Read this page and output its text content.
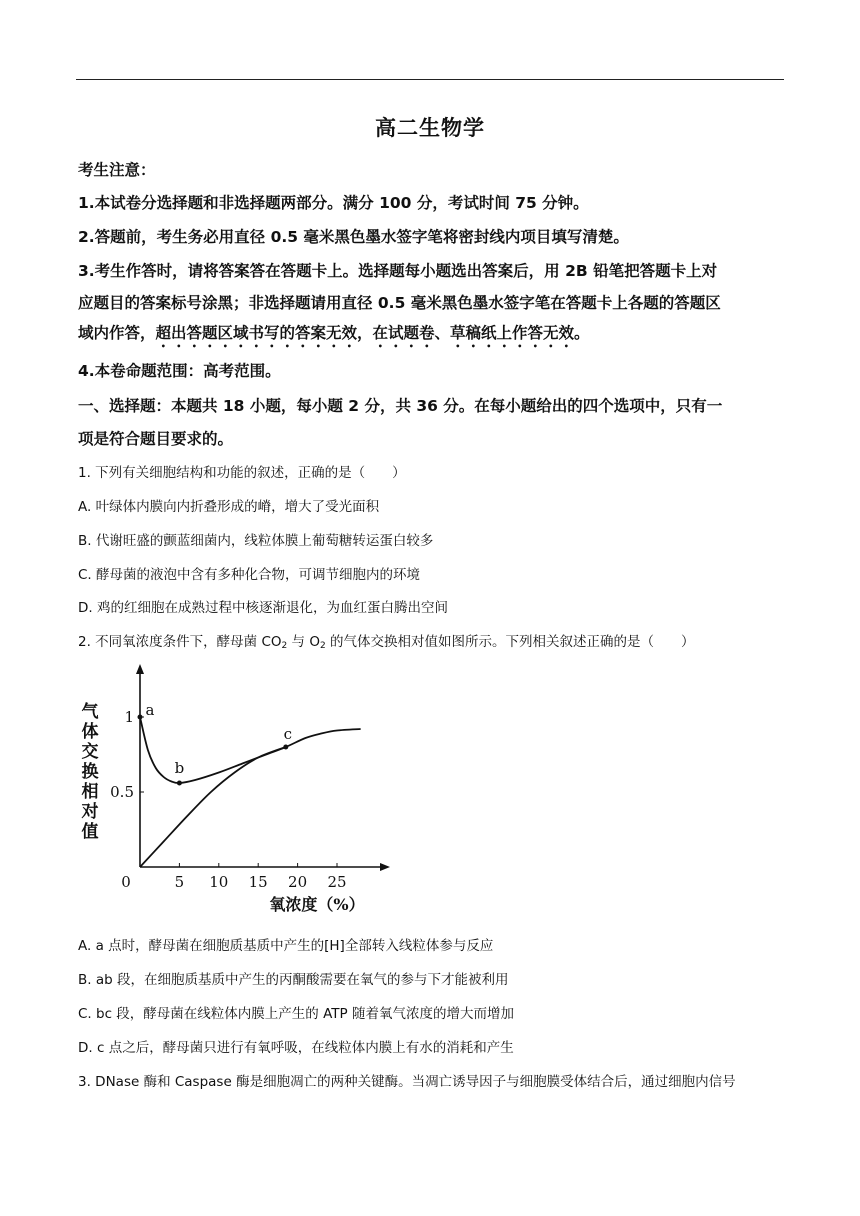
高二生物学
考生注意：
1.本试卷分选择题和非选择题两部分。满分 100 分，考试时间 75 分钟。
2.答题前，考生务必用直径 0.5 毫米黑色墨水签字笔将密封线内项目填写清楚。
3.考生作答时，请将答案答在答题卡上。选择题每小题选出答案后，用 2B 铅笔把答题卡上对
应题目的答案标号涂黑；非选择题请用直径 0.5 毫米黑色墨水签字笔在答题卡上各题的答题区
域内作答，超出答题区域书写的答案无效，在试题卷、草稿纸上作答无效。
4.本卷命题范围：高考范围。
一、选择题：本题共 18 小题，每小题 2 分，共 36 分。在每小题给出的四个选项中，只有一
项是符合题目要求的。
1. 下列有关细胞结构和功能的叙述，正确的是（　　）
A. 叶绿体内膜向内折叠形成的嵴，增大了受光面积
B. 代谢旺盛的颤蓝细菌内，线粒体膜上葡萄糖转运蛋白较多
C. 酵母菌的液泡中含有多种化合物，可调节细胞内的环境
D. 鸡的红细胞在成熟过程中核逐渐退化，为血红蛋白腾出空间
2. 不同氧浓度条件下，酵母菌 $CO_2$ 与 $O_2$ 的气体交换相对值如图所示。下列相关叙述正确的是（　　）
0	5 10 15 20 25
0.5
1 a
b
c
气
体
交
换
相
对
值
氧浓度（%）
A. a 点时，酵母菌在细胞质基质中产生的[H]全部转入线粒体参与反应
B. ab 段，在细胞质基质中产生的丙酮酸需要在氧气的参与下才能被利用
C. bc 段，酵母菌在线粒体内膜上产生的 ATP 随着氧气浓度的增大而增加
D. c 点之后，酵母菌只进行有氧呼吸，在线粒体内膜上有水的消耗和产生
3. DNase 酶和 Caspase 酶是细胞凋亡的两种关键酶。当凋亡诱导因子与细胞膜受体结合后，通过细胞内信号
